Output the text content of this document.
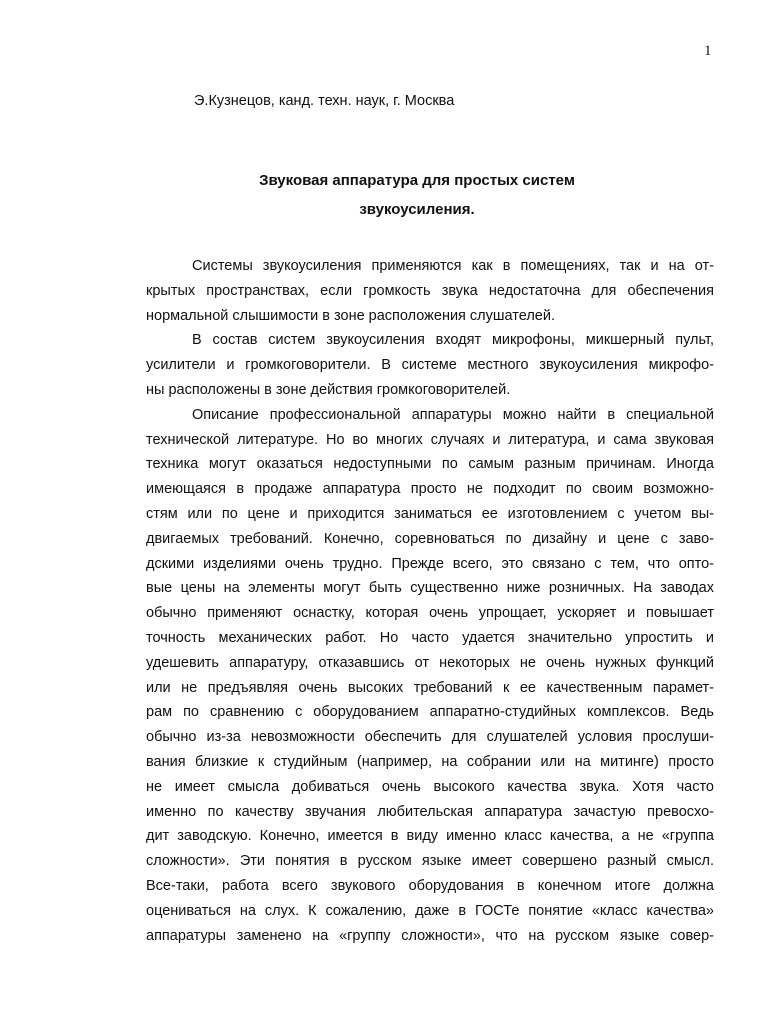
1

Э.Кузнецов, канд. техн. наук, г. Москва

Звуковая аппаратура для простых систем
звукоусиления.
Системы звукоусиления применяются как в помещениях, так и на от-
крытых пространствах, если громкость звука недостаточна для обеспечения
нормальной слышимости в зоне расположения слушателей.
В состав систем звукоусиления входят микрофоны, микшерный пульт,
усилители и громкоговорители. В системе местного звукоусиления микрофо-
ны расположены в зоне действия громкоговорителей.
Описание профессиональной аппаратуры можно найти в специальной
технической литературе. Но во многих случаях и литература, и сама звуковая
техника могут оказаться недоступными по самым разным причинам. Иногда
имеющаяся в продаже аппаратура просто не подходит по своим возможно-
стям или по цене и приходится заниматься ее изготовлением с учетом вы-
двигаемых требований. Конечно, соревноваться по дизайну и цене с заво-
дскими изделиями очень трудно. Прежде всего, это связано с тем, что опто-
вые цены на элементы могут быть существенно ниже розничных. На заводах
обычно применяют оснастку, которая очень упрощает, ускоряет и повышает
точность механических работ. Но часто удается значительно упростить и
удешевить аппаратуру, отказавшись от некоторых не очень нужных функций
или не предъявляя очень высоких требований к ее качественным парамет-
рам по сравнению с оборудованием аппаратно-студийных комплексов. Ведь
обычно из-за невозможности обеспечить для слушателей условия прослуши-
вания близкие к студийным (например, на собрании или на митинге) просто
не имеет смысла добиваться очень высокого качества звука. Хотя часто
именно по качеству звучания любительская аппаратура зачастую превосхо-
дит заводскую. Конечно, имеется в виду именно класс качества, а не «группа
сложности». Эти понятия в русском языке имеет совершено разный смысл.
Все-таки, работа всего звукового оборудования в конечном итоге должна
оцениваться на слух. К сожалению, даже в ГОСТе понятие «класс качества»
аппаратуры заменено на «группу сложности», что на русском языке совер-
